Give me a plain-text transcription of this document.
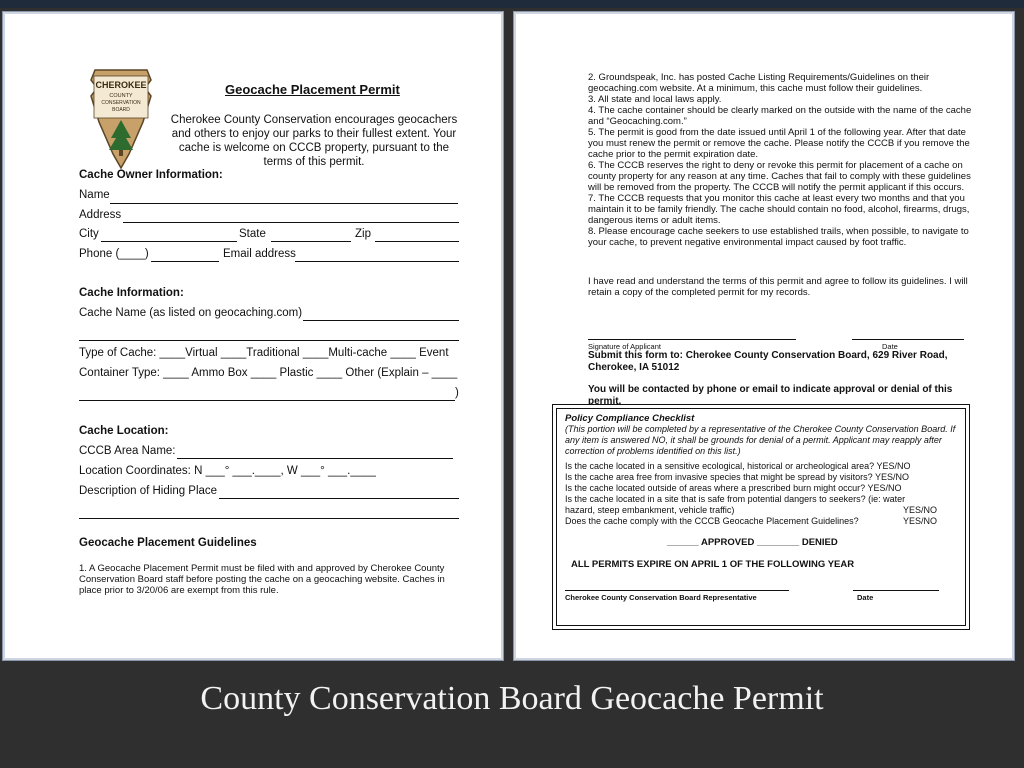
CHEROKEE
COUNTY
CONSERVATION
BOARD
Geocache Placement Permit
Cherokee County Conservation encourages geocachers and others to enjoy our parks to their fullest extent. Your cache is welcome on CCCB property, pursuant to the terms of this permit.
Cache Owner Information:
Name
Address
City	State	Zip
Phone (____)	Email address
Cache Information:
Cache Name (as listed on geocaching.com)
Type of Cache: ____Virtual ____Traditional ____Multi-cache ____ Event
Container Type: ____ Ammo Box ____ Plastic ____ Other (Explain – ____
)
Cache Location:
CCCB Area Name:
Location Coordinates: N ___° ___.____, W ___° ___.____
Description of Hiding Place
Geocache Placement Guidelines
1. A Geocache Placement Permit must be filed with and approved by Cherokee County Conservation Board staff before posting the cache on a geocaching website. Caches in place prior to 3/20/06 are exempt from this rule.

2. Groundspeak, Inc. has posted Cache Listing Requirements/Guidelines on their geocaching.com website. At a minimum, this cache must follow their guidelines.

3. All state and local laws apply.

4. The cache container should be clearly marked on the outside with the name of the cache and “Geocaching.com.”

5. The permit is good from the date issued until April 1 of the following year. After that date you must renew the permit or remove the cache. Please notify the CCCB if you remove the cache prior to the permit expiration date.

6. The CCCB reserves the right to deny or revoke this permit for placement of a cache on county property for any reason at any time. Caches that fail to comply with these guidelines will be removed from the property. The CCCB will notify the permit applicant if this occurs.

7. The CCCB requests that you monitor this cache at least every two months and that you maintain it to be family friendly. The cache should contain no food, alcohol, firearms, drugs, dangerous items or adult items.

8. Please encourage cache seekers to use established trails, when possible, to navigate to your cache, to prevent negative environmental impact caused by foot traffic.

I have read and understand the terms of this permit and agree to follow its guidelines. I will retain a copy of the completed permit for my records.
Signature of Applicant	Date
Submit this form to: Cherokee County Conservation Board, 629 River Road, Cherokee, IA 51012
You will be contacted by phone or email to indicate approval or denial of this permit.
Policy Compliance Checklist
(This portion will be completed by a representative of the Cherokee County Conservation Board. If any item is answered NO, it shall be grounds for denial of a permit. Applicant may reapply after correction of problems identified on this list.)
Is the cache located in a sensitive ecological, historical or archeological area? YES/NO
Is the cache area free from invasive species that might be spread by visitors? YES/NO
Is the cache located outside of areas where a prescribed burn might occur? YES/NO
Is the cache located in a site that is safe from potential dangers to seekers? (ie: water
hazard, steep embankment, vehicle traffic)	YES/NO
Does the cache comply with the CCCB Geocache Placement Guidelines?	YES/NO
______ APPROVED ________ DENIED
ALL PERMITS EXPIRE ON APRIL 1 OF THE FOLLOWING YEAR
Cherokee County Conservation Board Representative	Date
County Conservation Board Geocache Permit
